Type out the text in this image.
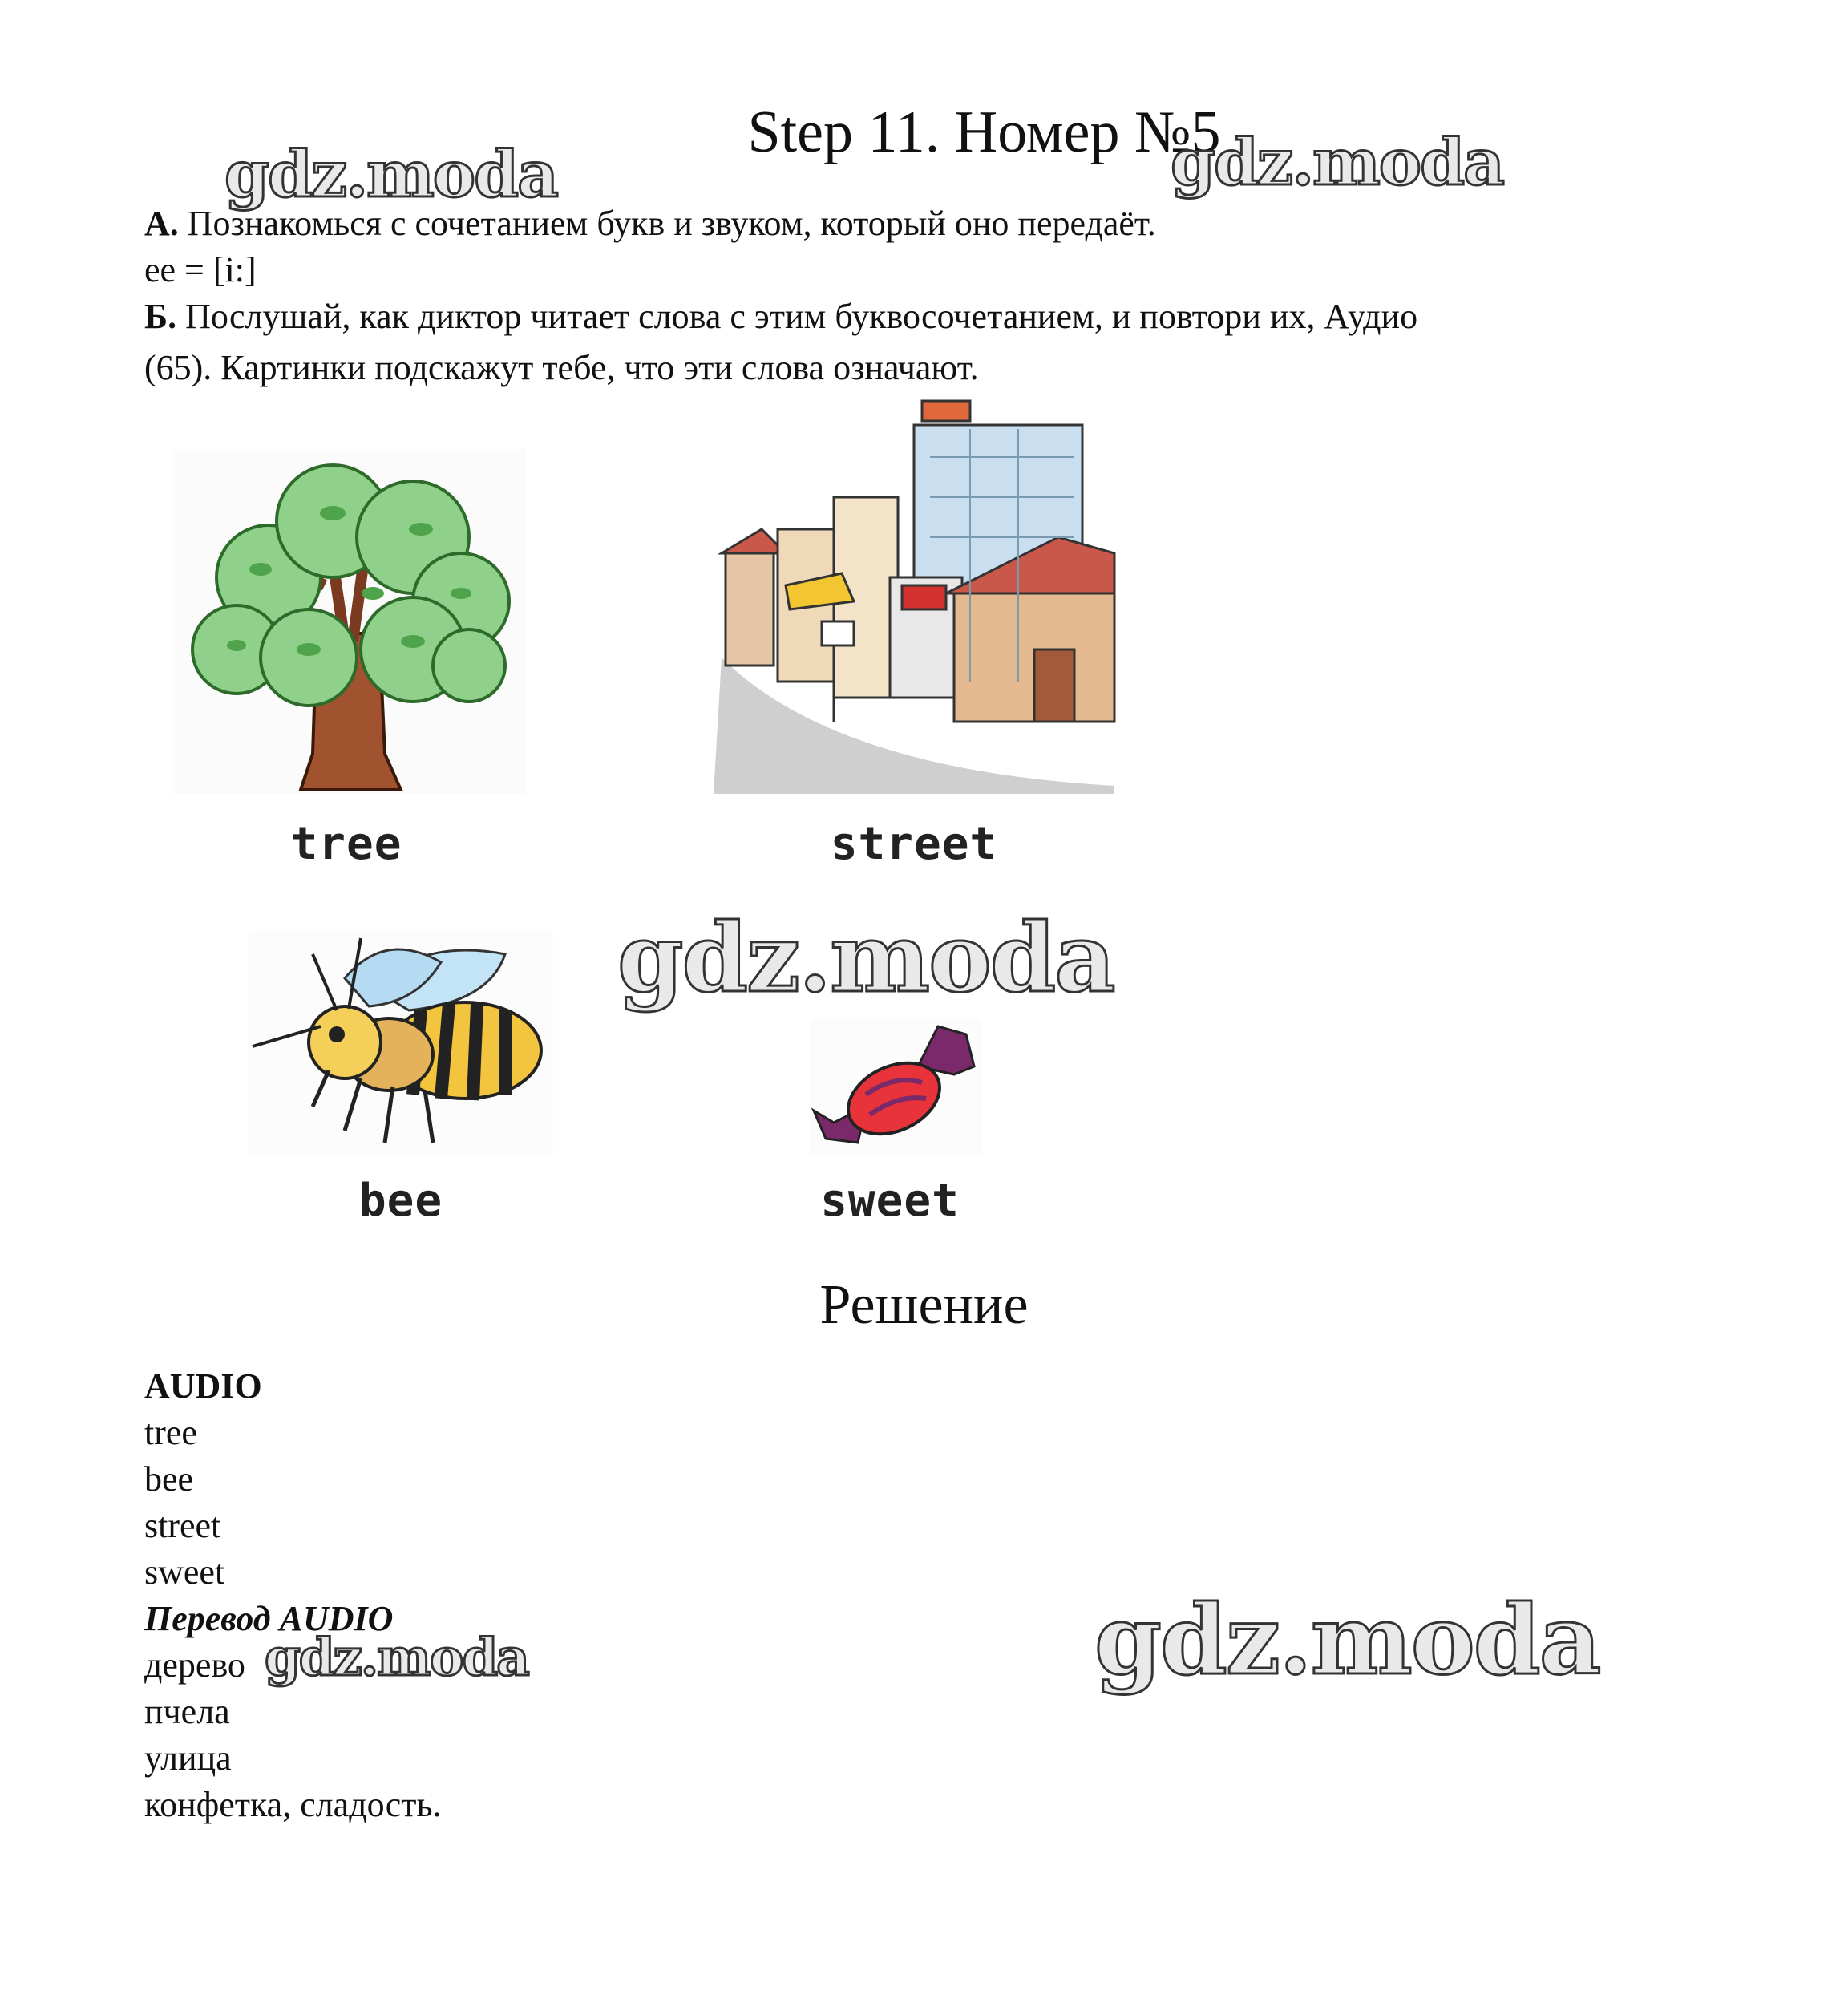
Step 11. Номер №5
А. Познакомься с сочетанием букв и звуком, который оно передаёт.
ee = [i:]
Б. Послушай, как диктор читает слова с этим буквосочетанием, и повтори их, Аудио
(65). Картинки подскажут тебе, что эти слова означают.
tree	street
bee	sweet
Решение
AUDIO
tree
bee
street
sweet
Перевод AUDIO
дерево
пчела
улица
конфетка, сладость.
gdz.moda	gdz.moda
gdz.moda
gdz.moda	gdz.moda
